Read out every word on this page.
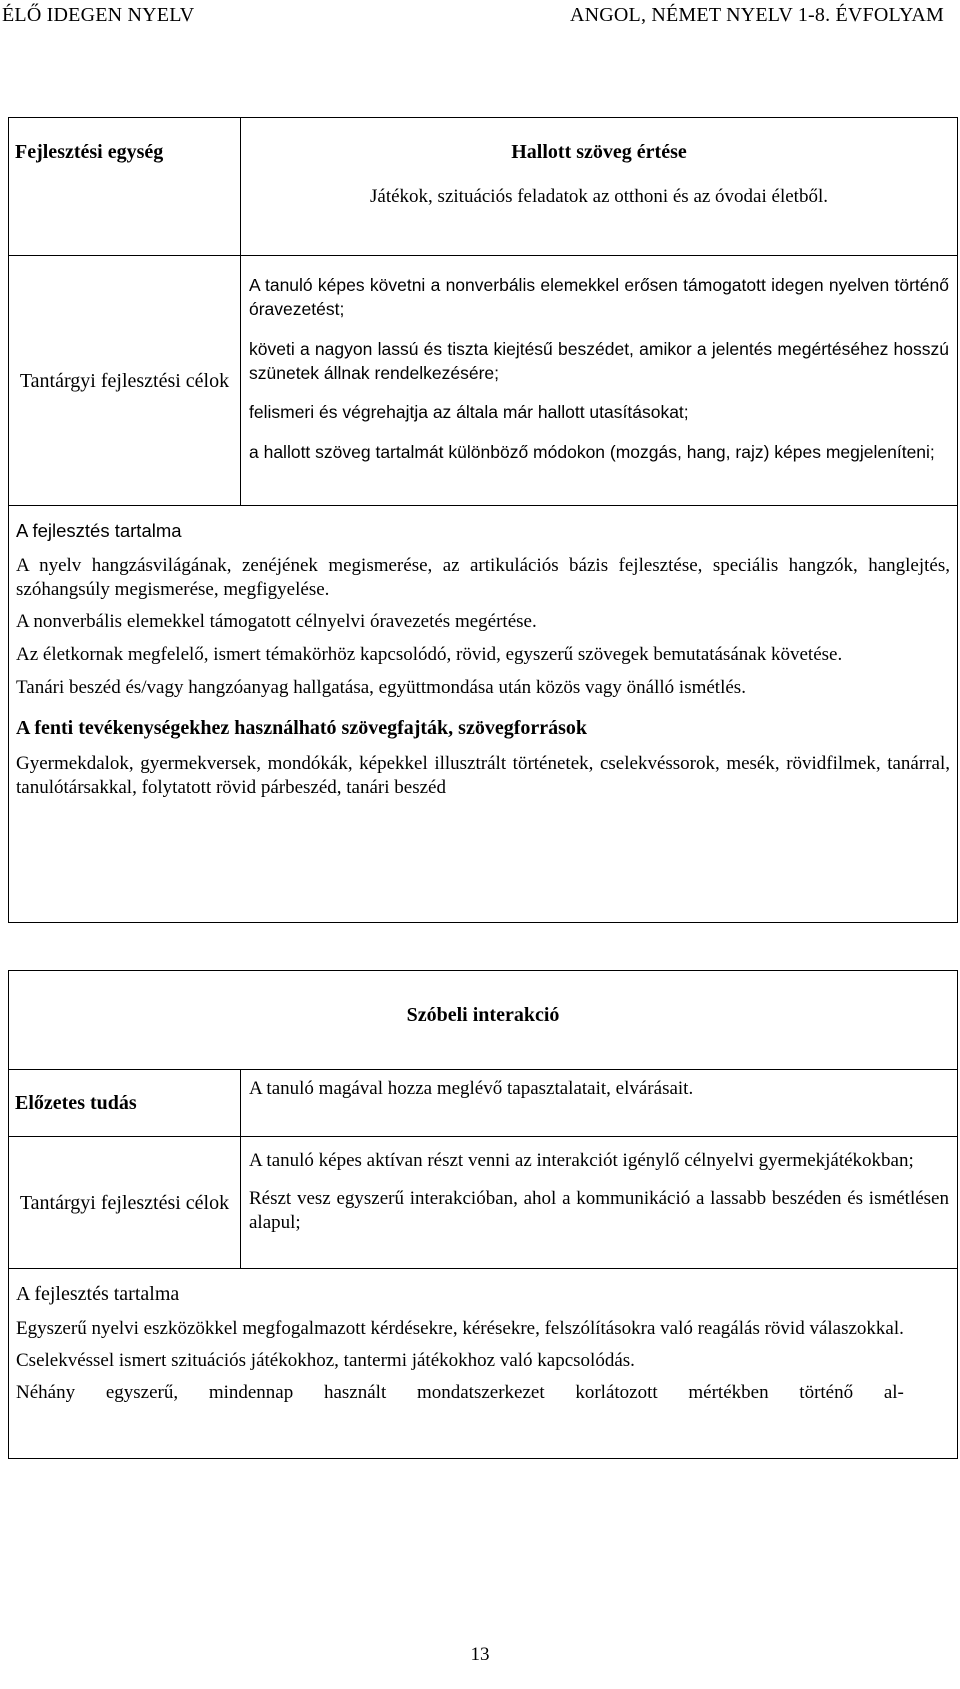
ÉLŐ IDEGEN NYELV	ANGOL, NÉMET NYELV 1-8. ÉVFOLYAM
Fejlesztési egység	Hallott szöveg értése
Játékok, szituációs feladatok az otthoni és az óvodai életből.
Tantárgyi fejlesztési célok

A tanuló képes követni a nonverbális elemekkel erősen támogatott idegen nyelven történő óravezetést;

követi a nagyon lassú és tiszta kiejtésű beszédet, amikor a jelentés megértéséhez hosszú szünetek állnak rendelkezésére;

felismeri és végrehajtja az általa már hallott utasításokat;

a hallott szöveg tartalmát különböző módokon (mozgás, hang, rajz) képes megjeleníteni;

A fejlesztés tartalma

A nyelv hangzásvilágának, zenéjének megismerése, az artikulációs bázis fejlesztése, speciális hangzók, hanglejtés, szóhangsúly megismerése, megfigyelése.

A nonverbális elemekkel támogatott célnyelvi óravezetés megértése.

Az életkornak megfelelő, ismert témakörhöz kapcsolódó, rövid, egyszerű szövegek bemutatásának követése.

Tanári beszéd és/vagy hangzóanyag hallgatása, együttmondása után közös vagy önálló ismétlés.

A fenti tevékenységekhez használható szövegfajták, szövegforrások

Gyermekdalok, gyermekversek, mondókák, képekkel illusztrált történetek, cselekvéssorok, mesék, rövidfilmek, tanárral, tanulótársakkal, folytatott rövid párbeszéd, tanári beszéd

Szóbeli interakció
Előzetes tudás
A tanuló magával hozza meglévő tapasztalatait, elvárásait.
Tantárgyi fejlesztési célok

A tanuló képes aktívan részt venni az interakciót igénylő célnyelvi gyermekjátékokban;

Részt vesz egyszerű interakcióban, ahol a kommunikáció a lassabb beszéden és ismétlésen alapul;

A fejlesztés tartalma

Egyszerű nyelvi eszközökkel megfogalmazott kérdésekre, kérésekre, felszólításokra való reagálás rövid válaszokkal.

Cselekvéssel ismert szituációs játékokhoz, tantermi játékokhoz való kapcsolódás.

Néhány egyszerű, mindennap használt mondatszerkezet korlátozott mértékben történő al-

13
